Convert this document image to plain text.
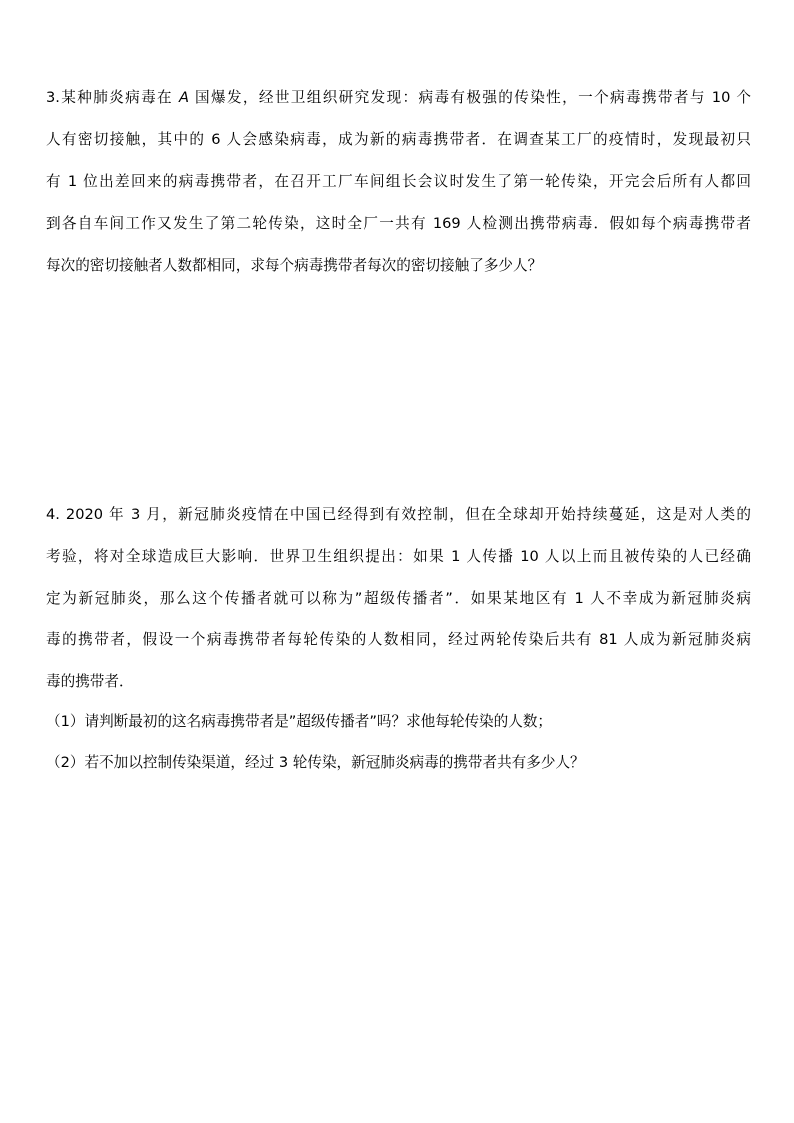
3.某种肺炎病毒在 A 国爆发，经世卫组织研究发现：病毒有极强的传染性，一个病毒携带者与 10 个
人有密切接触，其中的 6 人会感染病毒，成为新的病毒携带者．在调查某工厂的疫情时，发现最初只
有 1 位出差回来的病毒携带者，在召开工厂车间组长会议时发生了第一轮传染，开完会后所有人都回
到各自车间工作又发生了第二轮传染，这时全厂一共有 169 人检测出携带病毒．假如每个病毒携带者
每次的密切接触者人数都相同，求每个病毒携带者每次的密切接触了多少人？
4. 2020 年 3 月，新冠肺炎疫情在中国已经得到有效控制，但在全球却开始持续蔓延，这是对人类的
考验，将对全球造成巨大影响．世界卫生组织提出：如果 1 人传播 10 人以上而且被传染的人已经确
定为新冠肺炎，那么这个传播者就可以称为”超级传播者”．如果某地区有 1 人不幸成为新冠肺炎病
毒的携带者，假设一个病毒携带者每轮传染的人数相同，经过两轮传染后共有 81 人成为新冠肺炎病
毒的携带者．
（1）请判断最初的这名病毒携带者是”超级传播者”吗？求他每轮传染的人数；
（2）若不加以控制传染渠道，经过 3 轮传染，新冠肺炎病毒的携带者共有多少人？
